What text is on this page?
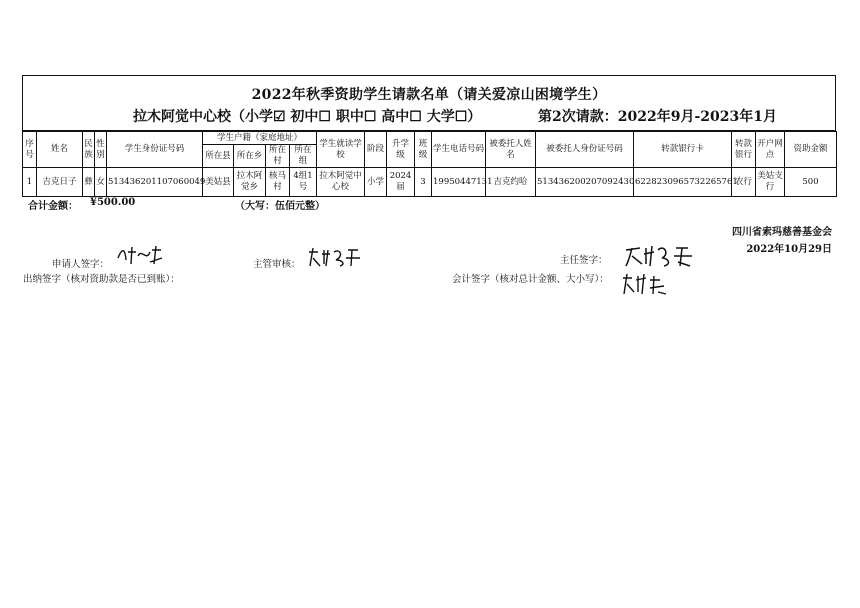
2022年秋季资助学生请款名单（请关爱凉山困境学生）
拉木阿觉中心校（小学☑ 初中☐ 职中☐ 高中☐ 大学☐）	第2次请款：2022年9月-2023年1月
序号	姓名	民族	性别	学生身份证号码	学生户籍（家庭地址）				学生就读学校	阶段	升学级	班级	学生电话号码	被委托人姓名	被委托人身份证号码	转款银行卡	转款银行	开户网点	资助金额
					所在县	所在乡	所在村	所在组											
1	吉克日子	彝	女	513436201107060049	美姑县	拉木阿觉乡	核马村	4组1号	拉木阿觉中心校	小学	2024届	3	19950447131	吉克约哈	513436200207092430	6228230965732265761	农行	美姑支行	500
合计金额： ¥500.00	（大写：伍佰元整）
四川省索玛慈善基金会
2022年10月29日
申请人签字：	主管审核：	主任签字：
出纳签字（核对资助款是否已到账）：	会计签字（核对总计金额、大小写）：
